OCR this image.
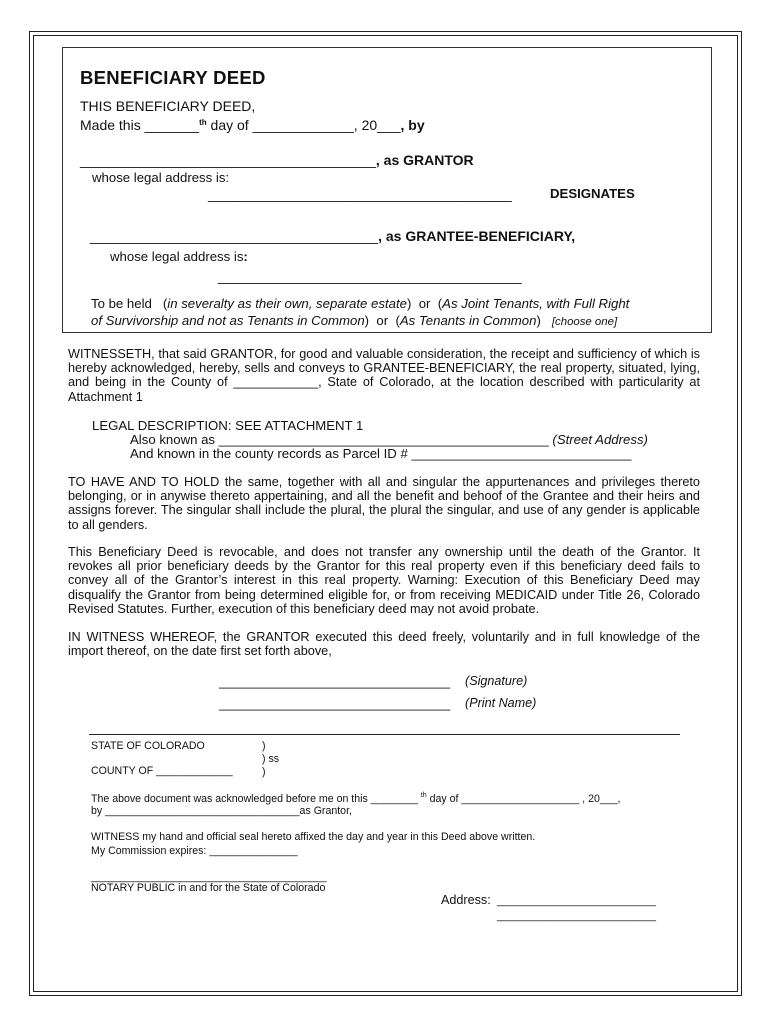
BENEFICIARY DEED
THIS BENEFICIARY DEED,
Made this _______$^{th}$ day of _____________, 20___, by
______________________________________, as GRANTOR
whose legal address is:
_______________________________________	DESIGNATES
_____________________________________, as GRANTEE-BENEFICIARY,
whose legal address is:
_______________________________________
To be held (in severalty as their own, separate estate) or (As Joint Tenants, with Full Right
of Survivorship and not as Tenants in Common) or (As Tenants in Common) [choose one]
WITNESSETH, that said GRANTOR, for good and valuable consideration, the receipt and sufficiency of which is hereby acknowledged, hereby, sells and conveys to GRANTEE-BENEFICIARY, the real property, situated, lying, and being in the County of ____________, State of Colorado, at the location described with particularity at Attachment 1
LEGAL DESCRIPTION: SEE ATTACHMENT 1
Also known as _____________________________________________ (Street Address)
And known in the county records as Parcel ID # ______________________________
TO HAVE AND TO HOLD the same, together with all and singular the appurtenances and privileges thereto belonging, or in anywise thereto appertaining, and all the benefit and behoof of the Grantee and their heirs and assigns forever. The singular shall include the plural, the plural the singular, and use of any gender is applicable to all genders.
This Beneficiary Deed is revocable, and does not transfer any ownership until the death of the Grantor. It revokes all prior beneficiary deeds by the Grantor for this real property even if this beneficiary deed fails to convey all of the Grantor’s interest in this real property. Warning: Execution of this Beneficiary Deed may disqualify the Grantor from being determined eligible for, or from receiving MEDICAID under Title 26, Colorado Revised Statutes. Further, execution of this beneficiary deed may not avoid probate.
IN WITNESS WHEREOF, the GRANTOR executed this deed freely, voluntarily and in full knowledge of the import thereof, on the date first set forth above,
_________________________________ (Signature)
_________________________________ (Print Name)
STATE OF COLORADO	)
) ss
)
COUNTY OF _____________
The above document was acknowledged before me on this ________ $^{th}$ day of ____________________ , 20___,
by _________________________________as Grantor,
WITNESS my hand and official seal hereto affixed the day and year in this Deed above written.
My Commission expires: _______________
________________________________________
NOTARY PUBLIC in and for the State of Colorado
Address: ___________________________
___________________________
